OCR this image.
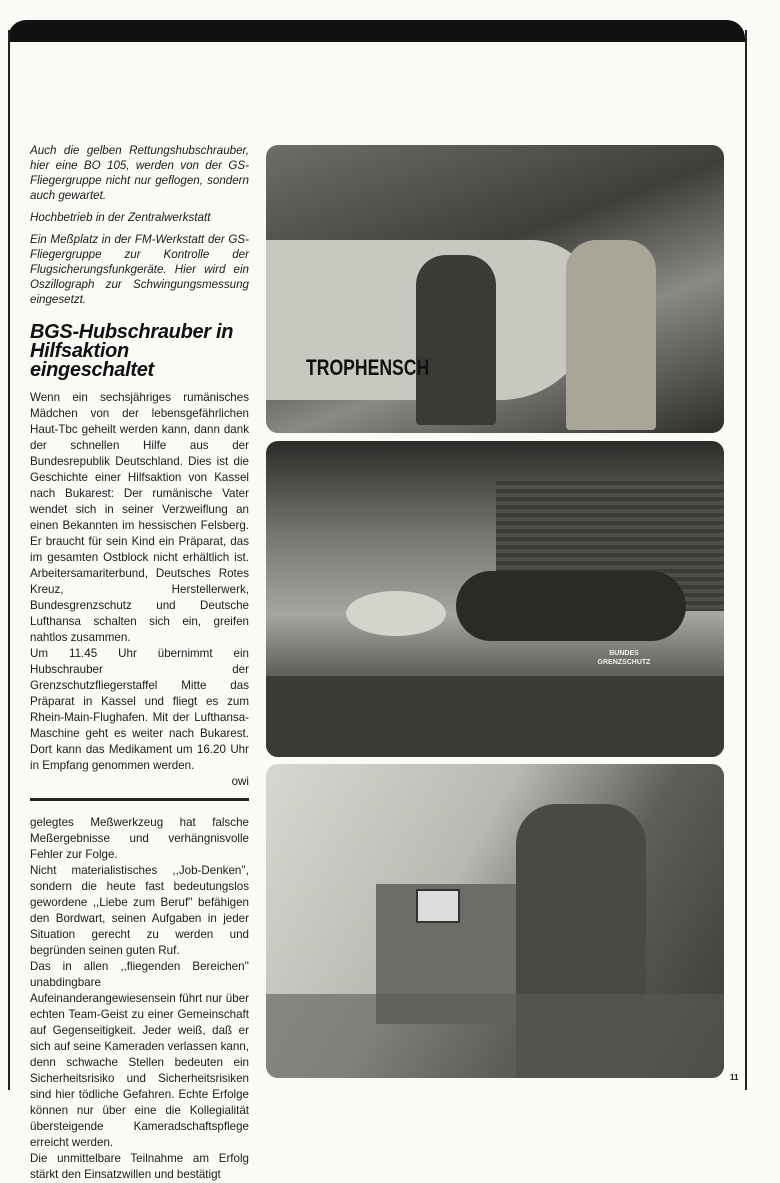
Auch die gelben Rettungshubschrauber, hier eine BO 105, werden von der GS-Fliegergruppe nicht nur geflogen, sondern auch gewartet.

Hochbetrieb in der Zentralwerkstatt

Ein Meßplatz in der FM-Werkstatt der GS-Fliegergruppe zur Kontrolle der Flugsicherungsfunkgeräte. Hier wird ein Oszillograph zur Schwingungsmessung eingesetzt.

BGS-Hubschrauber in Hilfsaktion eingeschaltet

Wenn ein sechsjähriges rumänisches Mädchen von der lebensgefährlichen Haut-Tbc geheilt werden kann, dann dank der schnellen Hilfe aus der Bundesrepublik Deutschland. Dies ist die Geschichte einer Hilfsaktion von Kassel nach Bukarest: Der rumänische Vater wendet sich in seiner Verzweiflung an einen Bekannten im hessischen Felsberg. Er braucht für sein Kind ein Präparat, das im gesamten Ostblock nicht erhältlich ist. Arbeitersamariterbund, Deutsches Rotes Kreuz, Herstellerwerk, Bundesgrenzschutz und Deutsche Lufthansa schalten sich ein, greifen nahtlos zusammen.

Um 11.45 Uhr übernimmt ein Hubschrauber der Grenzschutzfliegerstaffel Mitte das Präparat in Kassel und fliegt es zum Rhein-Main-Flughafen. Mit der Lufthansa-Maschine geht es weiter nach Bukarest. Dort kann das Medikament um 16.20 Uhr in Empfang genommen werden.

owi

gelegtes Meßwerkzeug hat falsche Meßergebnisse und verhängnisvolle Fehler zur Folge.

Nicht materialistisches ,,Job-Denken'', sondern die heute fast bedeutungslos gewordene ,,Liebe zum Beruf'' befähigen den Bordwart, seinen Aufgaben in jeder Situation gerecht zu werden und begründen seinen guten Ruf.

Das in allen ,,fliegenden Bereichen'' unabdingbare Aufeinanderangewiesensein führt nur über echten Team-Geist zu einer Gemeinschaft auf Gegenseitigkeit. Jeder weiß, daß er sich auf seine Kameraden verlassen kann, denn schwache Stellen bedeuten ein Sicherheitsrisiko und Sicherheitsrisiken sind hier tödliche Gefahren. Echte Erfolge können nur über eine die Kollegialität übersteigende Kameradschaftspflege erreicht werden.

Die unmittelbare Teilnahme am Erfolg stärkt den Einsatzwillen und bestätigt

TROPHENSCH
BUNDES GRENZSCHUTZ
11
